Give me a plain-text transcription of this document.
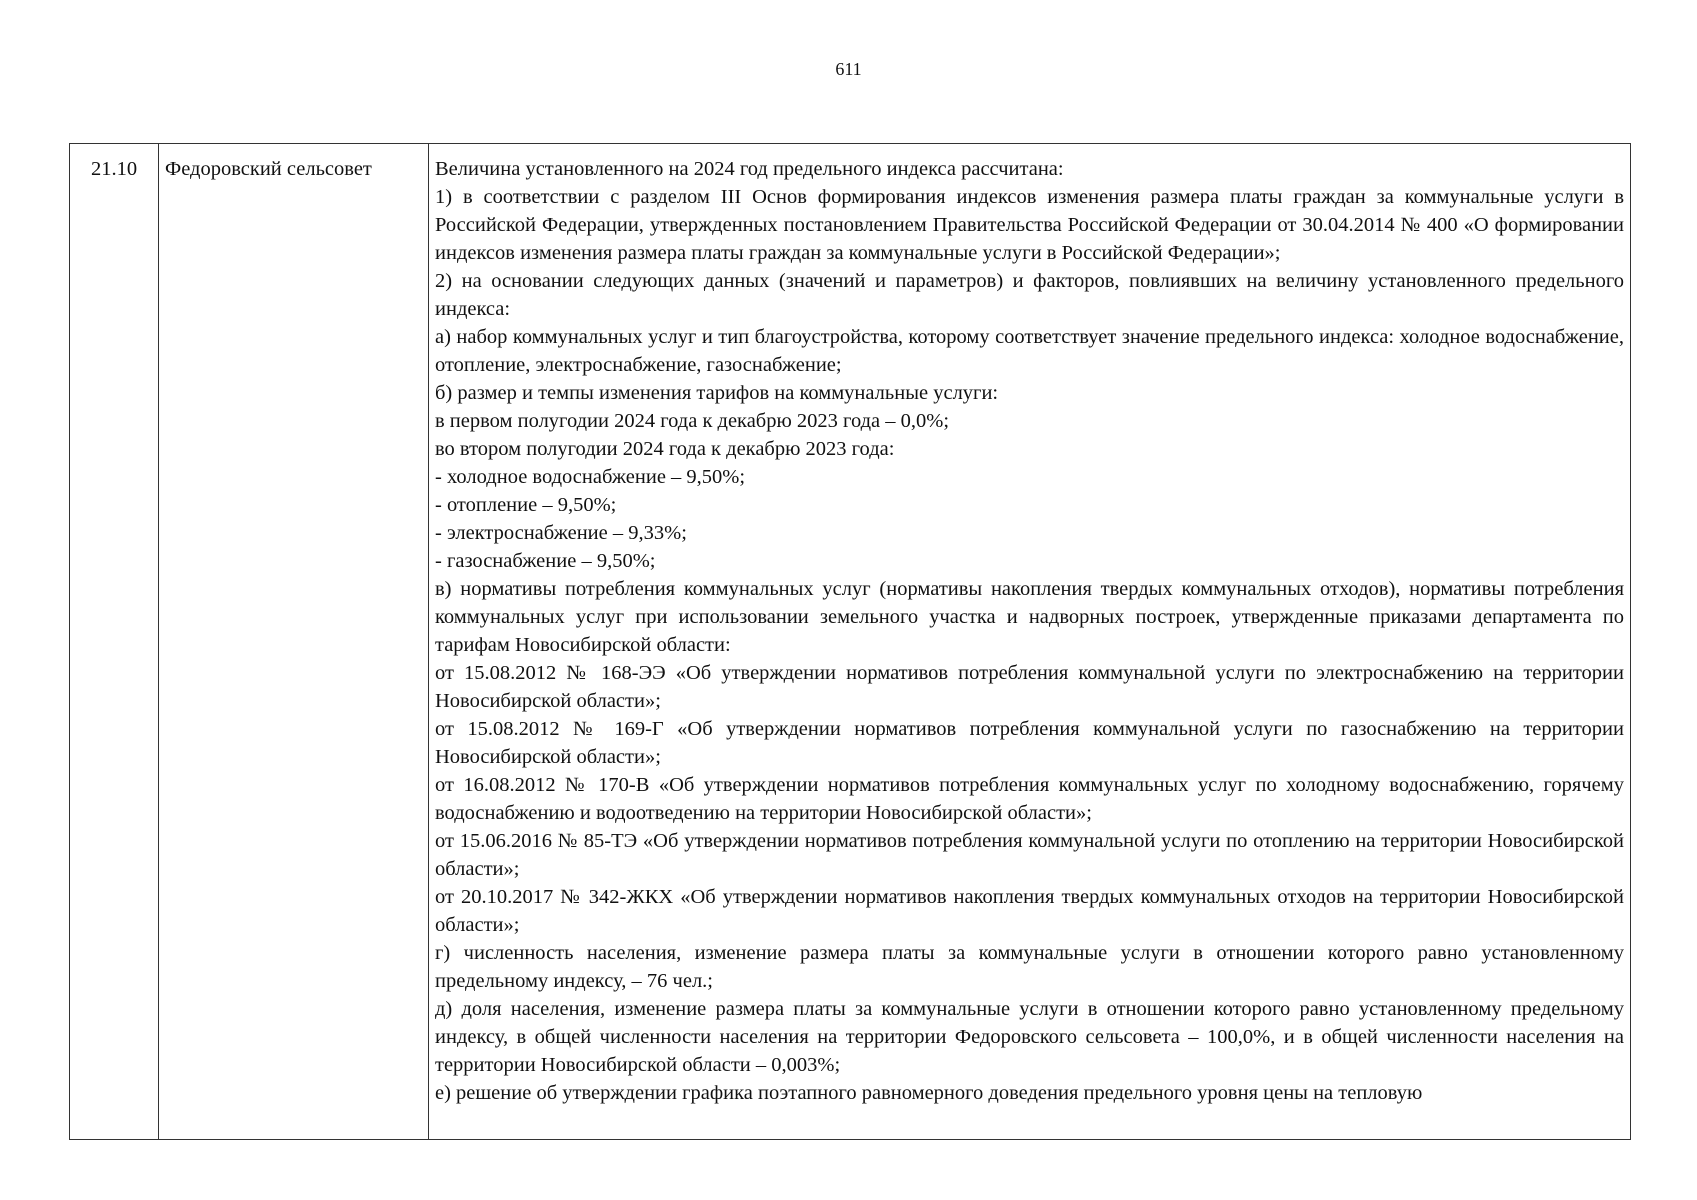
611
21.10	Федоровский сельсовет	Величина установленного на 2024 год предельного индекса рассчитана:

1) в соответствии с разделом III Основ формирования индексов изменения размера платы граждан за коммунальные услуги в Российской Федерации, утвержденных постановлением Правительства Российской Федерации от 30.04.2014 № 400 «О формировании индексов изменения размера платы граждан за коммунальные услуги в Российской Федерации»;

2) на основании следующих данных (значений и параметров) и факторов, повлиявших на величину установленного предельного индекса:

а) набор коммунальных услуг и тип благоустройства, которому соответствует значение предельного индекса: холодное водоснабжение, отопление, электроснабжение, газоснабжение;

б) размер и темпы изменения тарифов на коммунальные услуги:

в первом полугодии 2024 года к декабрю 2023 года – 0,0%;

во втором полугодии 2024 года к декабрю 2023 года:

- холодное водоснабжение – 9,50%;

- отопление – 9,50%;

- электроснабжение – 9,33%;

- газоснабжение – 9,50%;

в) нормативы потребления коммунальных услуг (нормативы накопления твердых коммунальных отходов), нормативы потребления коммунальных услуг при использовании земельного участка и надворных построек, утвержденные приказами департамента по тарифам Новосибирской области:

от 15.08.2012 № 168-ЭЭ «Об утверждении нормативов потребления коммунальной услуги по электроснабжению на территории Новосибирской области»;

от 15.08.2012 № 169-Г «Об утверждении нормативов потребления коммунальной услуги по газоснабжению на территории Новосибирской области»;

от 16.08.2012 № 170-В «Об утверждении нормативов потребления коммунальных услуг по холодному водоснабжению, горячему водоснабжению и водоотведению на территории Новосибирской области»;

от 15.06.2016 № 85-ТЭ «Об утверждении нормативов потребления коммунальной услуги по отоплению на территории Новосибирской области»;

от 20.10.2017 № 342-ЖКХ «Об утверждении нормативов накопления твердых коммунальных отходов на территории Новосибирской области»;

г) численность населения, изменение размера платы за коммунальные услуги в отношении которого равно установленному предельному индексу, – 76 чел.;

д) доля населения, изменение размера платы за коммунальные услуги в отношении которого равно установленному предельному индексу, в общей численности населения на территории Федоровского сельсовета – 100,0%, и в общей численности населения на территории Новосибирской области – 0,003%;

е) решение об утверждении графика поэтапного равномерного доведения предельного уровня цены на тепловую
